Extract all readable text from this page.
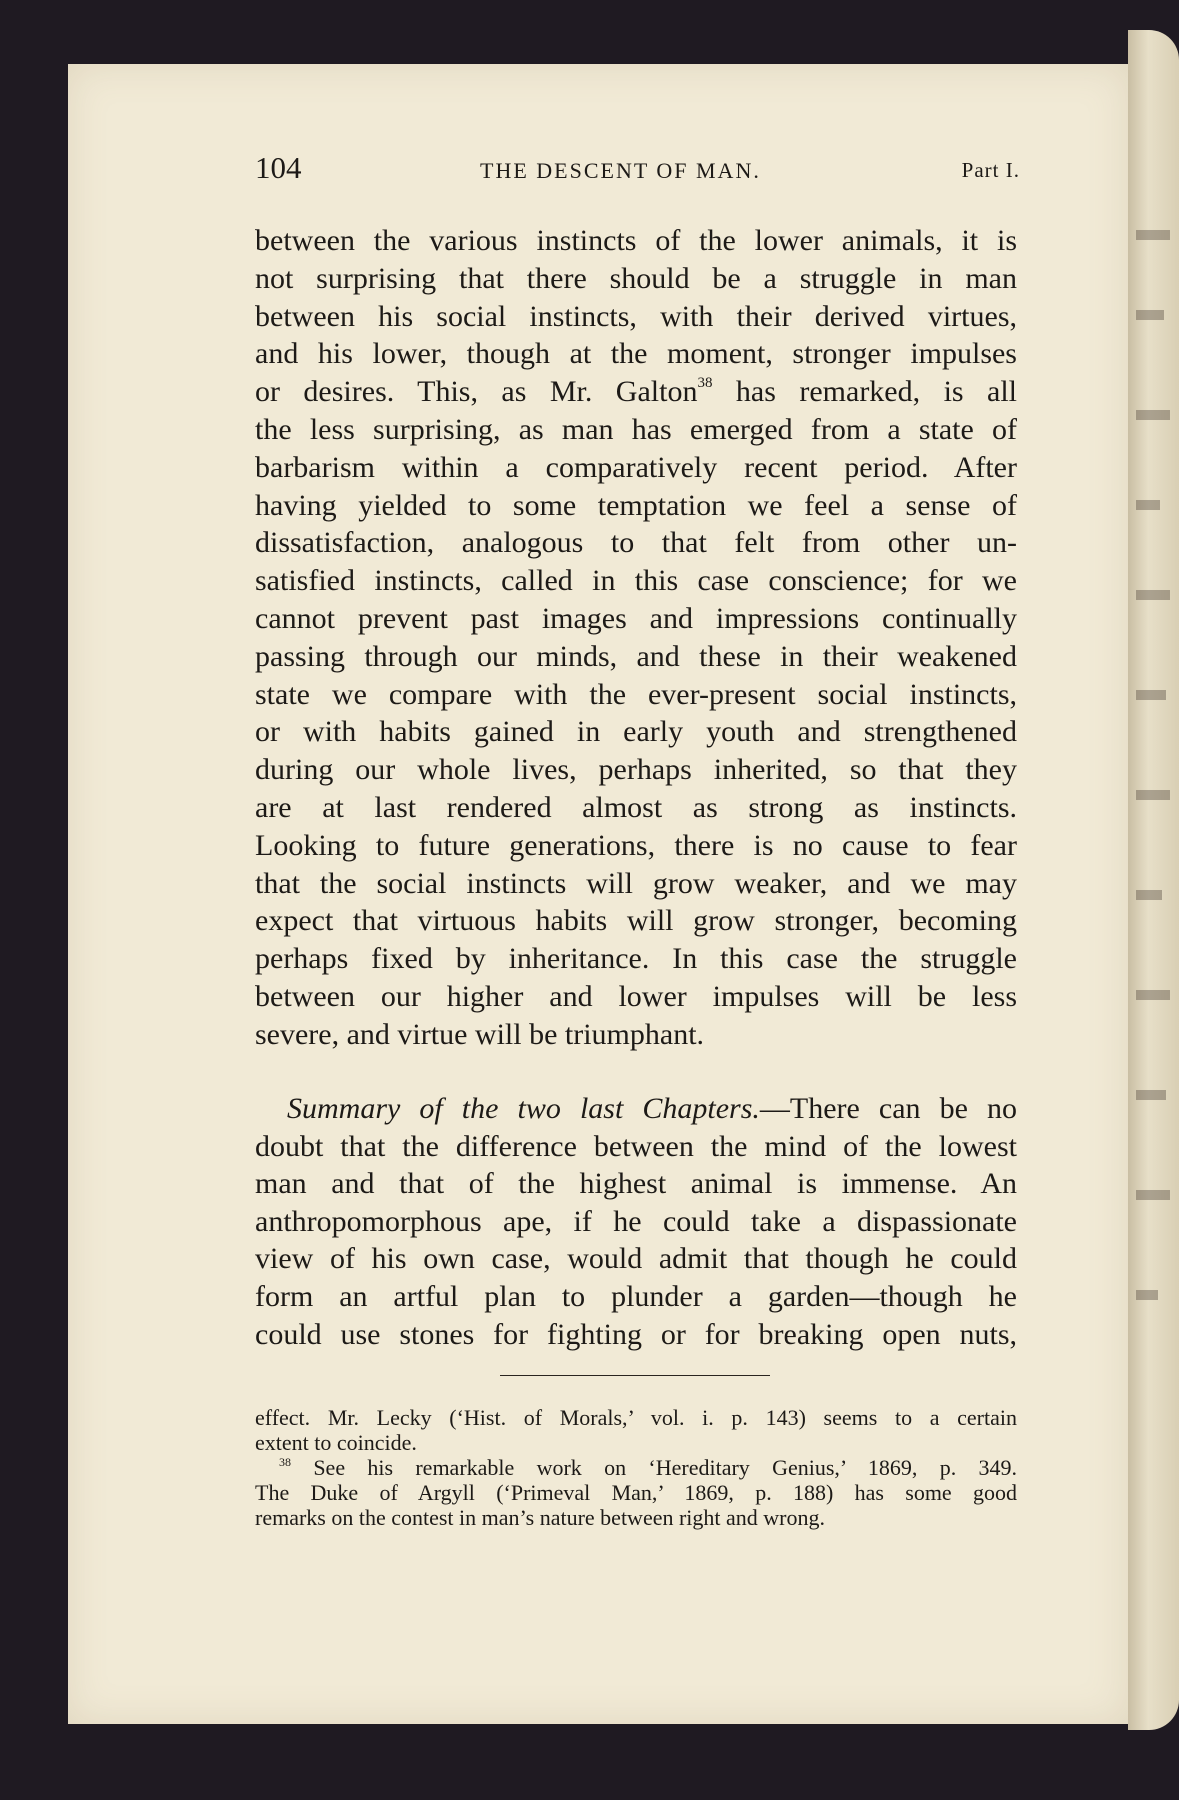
104	THE DESCENT OF MAN.	Part I.
between the various instincts of the lower animals, it is
not surprising that there should be a struggle in man
between his social instincts, with their derived virtues,
and his lower, though at the moment, stronger impulses
or desires. This, as Mr. Galton$^{38}$ has remarked, is all
the less surprising, as man has emerged from a state of
barbarism within a comparatively recent period. After
having yielded to some temptation we feel a sense of
dissatisfaction, analogous to that felt from other un-
satisfied instincts, called in this case conscience; for we
cannot prevent past images and impressions continually
passing through our minds, and these in their weakened
state we compare with the ever-present social instincts,
or with habits gained in early youth and strengthened
during our whole lives, perhaps inherited, so that they
are at last rendered almost as strong as instincts.
Looking to future generations, there is no cause to fear
that the social instincts will grow weaker, and we may
expect that virtuous habits will grow stronger, becoming
perhaps fixed by inheritance. In this case the struggle
between our higher and lower impulses will be less
severe, and virtue will be triumphant.
Summary of the two last Chapters.—There can be no
doubt that the difference between the mind of the lowest
man and that of the highest animal is immense. An
anthropomorphous ape, if he could take a dispassionate
view of his own case, would admit that though he could
form an artful plan to plunder a garden—though he
could use stones for fighting or for breaking open nuts,
effect. Mr. Lecky (‘Hist. of Morals,’ vol. i. p. 143) seems to a certain
extent to coincide.
$^{38}$ See his remarkable work on ‘Hereditary Genius,’ 1869, p. 349.
The Duke of Argyll (‘Primeval Man,’ 1869, p. 188) has some good
remarks on the contest in man’s nature between right and wrong.
